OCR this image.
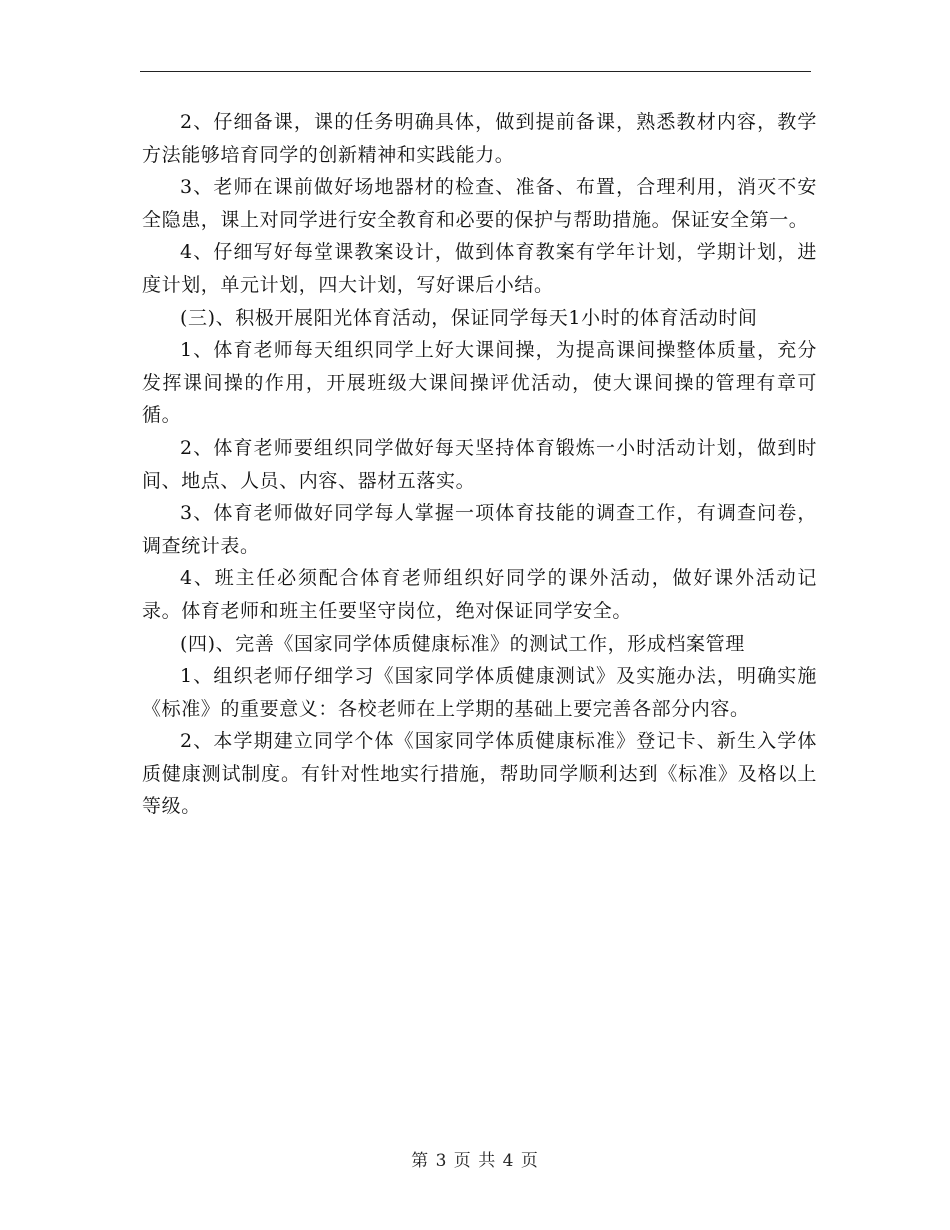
2、仔细备课，课的任务明确具体，做到提前备课，熟悉教材内容，教学方法能够培育同学的创新精神和实践能力。

3、老师在课前做好场地器材的检查、准备、布置，合理利用，消灭不安全隐患，课上对同学进行安全教育和必要的保护与帮助措施。保证安全第一。

4、仔细写好每堂课教案设计，做到体育教案有学年计划，学期计划，进度计划，单元计划，四大计划，写好课后小结。

(三)、积极开展阳光体育活动，保证同学每天1小时的体育活动时间

1、体育老师每天组织同学上好大课间操，为提高课间操整体质量，充分发挥课间操的作用，开展班级大课间操评优活动，使大课间操的管理有章可循。

2、体育老师要组织同学做好每天坚持体育锻炼一小时活动计划，做到时间、地点、人员、内容、器材五落实。

3、体育老师做好同学每人掌握一项体育技能的调查工作，有调查问卷，调查统计表。

4、班主任必须配合体育老师组织好同学的课外活动，做好课外活动记录。体育老师和班主任要坚守岗位，绝对保证同学安全。

(四)、完善《国家同学体质健康标准》的测试工作，形成档案管理

1、组织老师仔细学习《国家同学体质健康测试》及实施办法，明确实施《标准》的重要意义：各校老师在上学期的基础上要完善各部分内容。

2、本学期建立同学个体《国家同学体质健康标准》登记卡、新生入学体质健康测试制度。有针对性地实行措施，帮助同学顺利达到《标准》及格以上等级。

第 3 页 共 4 页
